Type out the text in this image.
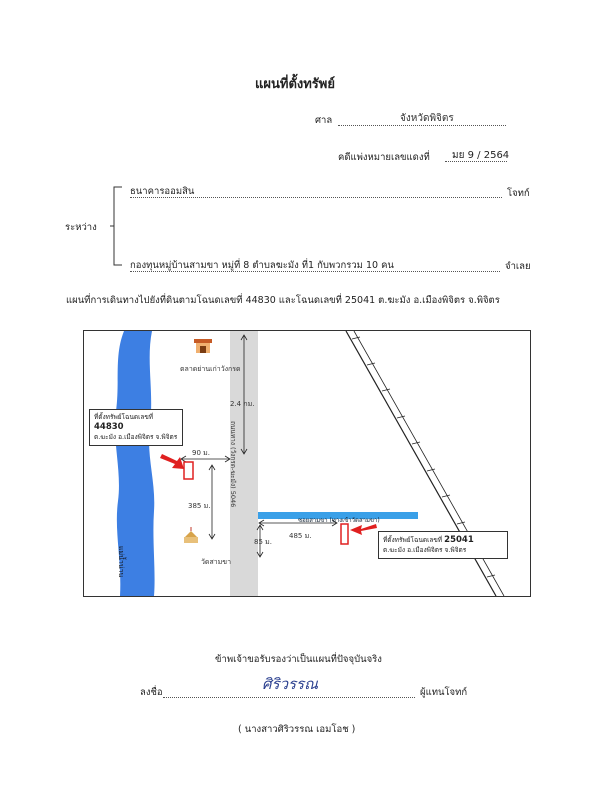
แผนที่ตั้งทรัพย์
ศาล	จังหวัดพิจิตร
คดีแพ่งหมายเลขแดงที่ มย 9 / 2564
ระหว่าง
ธนาคารออมสิน	โจทก์
กองทุนหมู่บ้านสามขา หมู่ที่ 8 ตำบลฆะมัง ที่1 กับพวกรวม 10 คน	จำเลย
แผนที่การเดินทางไปยังที่ดินตามโฉนดเลขที่ 44830 และโฉนดเลขที่ 25041 ต.ฆะมัง อ.เมืองพิจิตร จ.พิจิตร
ตลาดย่านเก่าวังกรด
วัดสามขา
แม่น้ำน่าน
ถนนทาง (วังกรด-ฆะมัง) 5046
ซอยสามขา (ทางเข้าวัดสามขา)
2.4 กม.
90 ม.
385 ม.
85 ม.
485 ม.
ที่ตั้งทรัพย์โฉนดเลขที่ 44830
ต.ฆะมัง อ.เมืองพิจิตร จ.พิจิตร
ที่ตั้งทรัพย์โฉนดเลขที่ 25041
ต.ฆะมัง อ.เมืองพิจิตร จ.พิจิตร
ข้าพเจ้าขอรับรองว่าเป็นแผนที่ปัจจุบันจริง
ลงชื่อ	ศิริวรรณ	ผู้แทนโจทก์
( นางสาวศิริวรรณ เอมโอช )
